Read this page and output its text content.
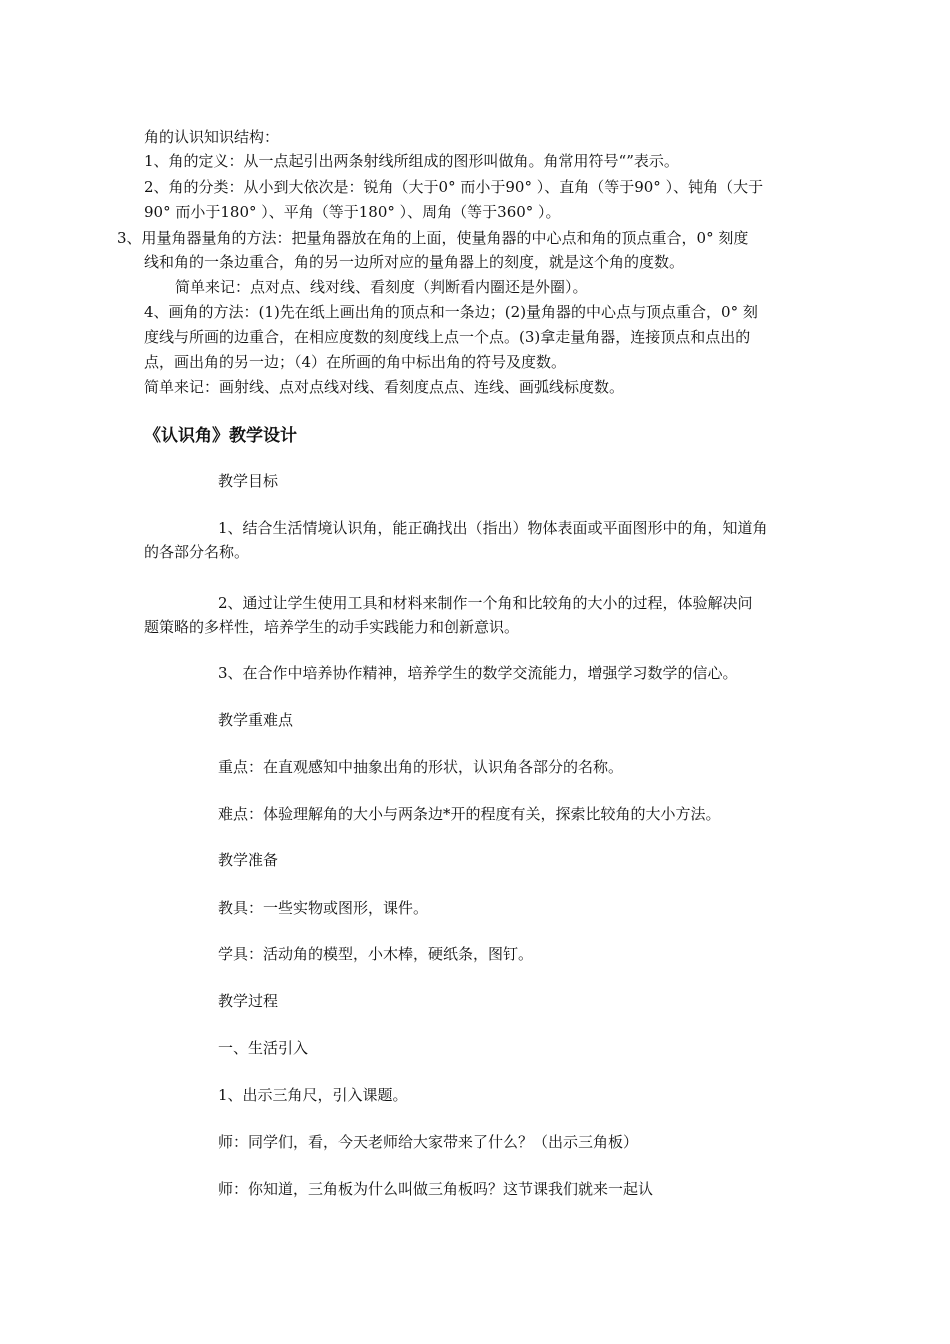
角的认识知识结构：

1、角的定义：从一点起引出两条射线所组成的图形叫做角。角常用符号“”表示。

2、角的分类：从小到大依次是：锐角（大于0° 而小于90° ）、直角（等于90° ）、钝角（大于

90° 而小于180° ）、平角（等于180° ）、周角（等于360° ）。

3、用量角器量角的方法：把量角器放在角的上面，使量角器的中心点和角的顶点重合，0° 刻度

线和角的一条边重合，角的另一边所对应的量角器上的刻度，就是这个角的度数。

简单来记：点对点、线对线、看刻度（判断看内圈还是外圈）。

4、画角的方法：(1)先在纸上画出角的顶点和一条边；(2)量角器的中心点与顶点重合，0° 刻

度线与所画的边重合，在相应度数的刻度线上点一个点。(3)拿走量角器，连接顶点和点出的

点，画出角的另一边；（4）在所画的角中标出角的符号及度数。

简单来记：画射线、点对点线对线、看刻度点点、连线、画弧线标度数。

《认识角》教学设计

教学目标

1、结合生活情境认识角，能正确找出（指出）物体表面或平面图形中的角，知道角

的各部分名称。

2、通过让学生使用工具和材料来制作一个角和比较角的大小的过程，体验解决问

题策略的多样性，培养学生的动手实践能力和创新意识。

3、在合作中培养协作精神，培养学生的数学交流能力，增强学习数学的信心。

教学重难点

重点：在直观感知中抽象出角的形状，认识角各部分的名称。

难点：体验理解角的大小与两条边*开的程度有关，探索比较角的大小方法。

教学准备

教具：一些实物或图形，课件。

学具：活动角的模型，小木棒，硬纸条，图钉。

教学过程

一、生活引入

1、出示三角尺，引入课题。

师：同学们，看，今天老师给大家带来了什么？（出示三角板）

师：你知道，三角板为什么叫做三角板吗？这节课我们就来一起认
